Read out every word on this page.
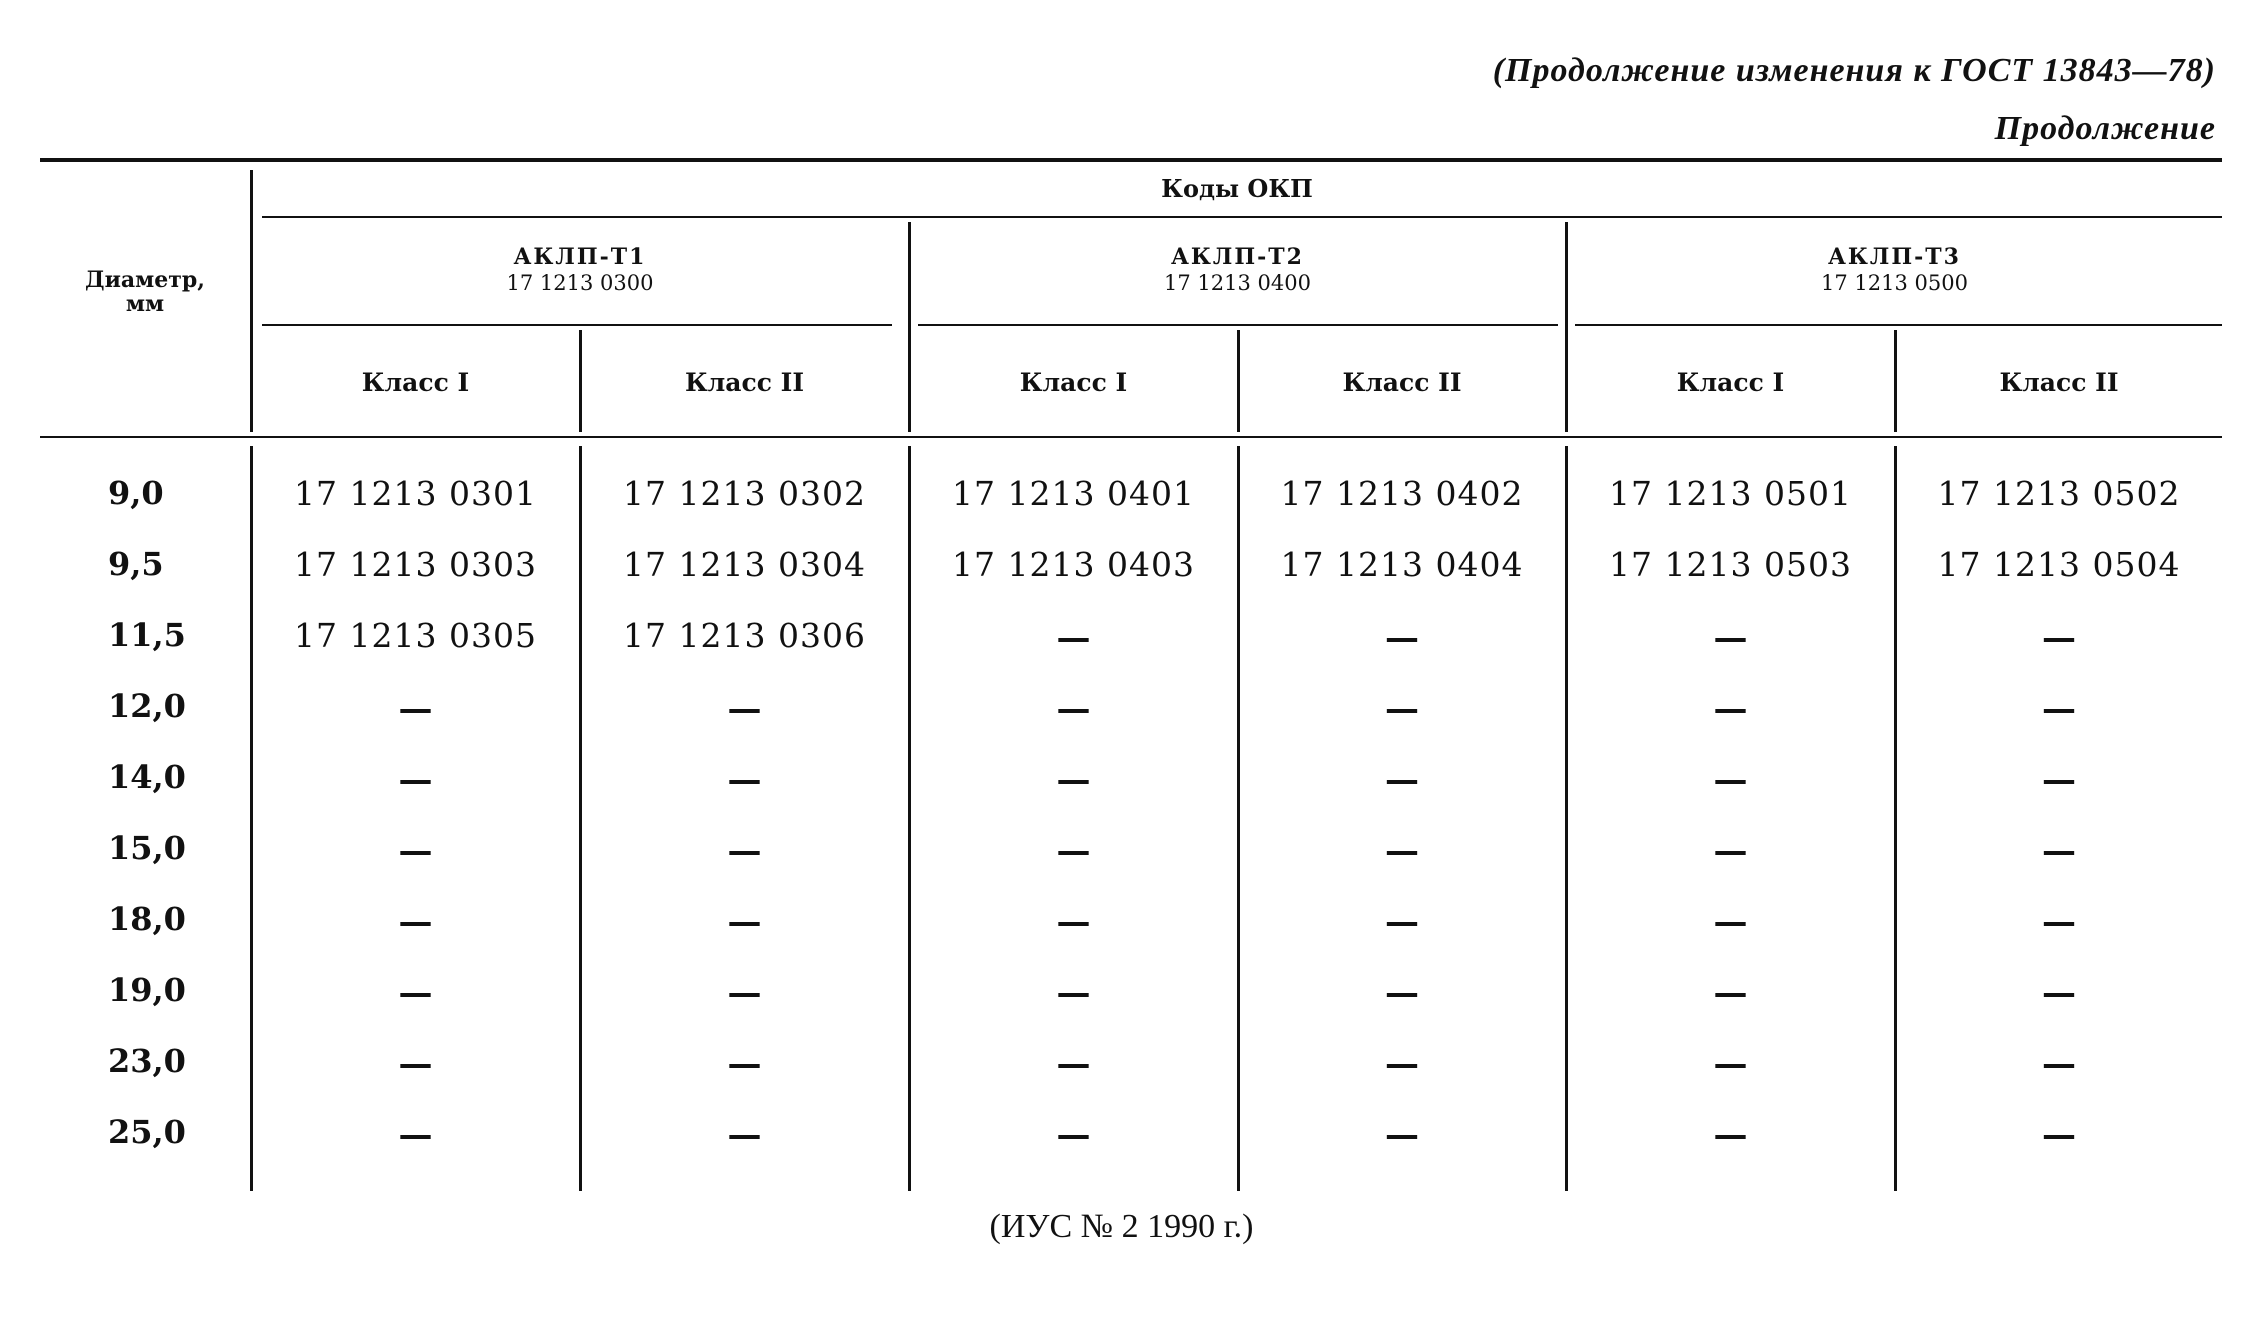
(Продолжение изменения к ГОСТ 13843—78)
Продолжение
Диаметр,
мм
Коды ОКП
АКЛП-Т1
17 1213 0300
АКЛП-Т2
17 1213 0400
АКЛП-Т3
17 1213 0500
Класс I	Класс II	Класс I	Класс II	Класс I	Класс II
9,0	17 1213 0301	17 1213 0302	17 1213 0401	17 1213 0402	17 1213 0501	17 1213 0502
9,5	17 1213 0303	17 1213 0304	17 1213 0403	17 1213 0404	17 1213 0503	17 1213 0504
11,5	17 1213 0305	17 1213 0306	—	—	—	—
12,0	—	—	—	—	—	—
14,0	—	—	—	—	—	—
15,0	—	—	—	—	—	—
18,0	—	—	—	—	—	—
19,0	—	—	—	—	—	—
23,0	—	—	—	—	—	—
25,0	—	—	—	—	—	—
(ИУС № 2 1990 г.)
